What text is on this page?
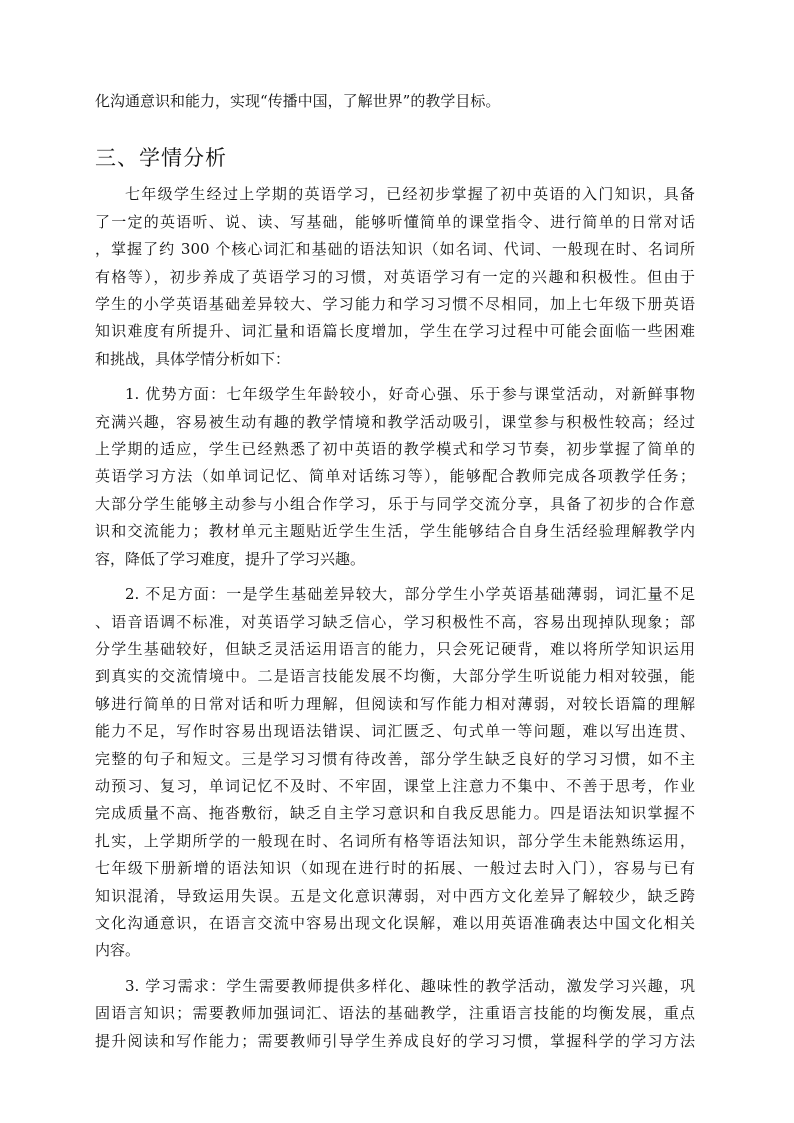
化沟通意识和能力，实现“传播中国，了解世界”的教学目标。
三、学情分析
七年级学生经过上学期的英语学习，已经初步掌握了初中英语的入门知识，具备
了一定的英语听、说、读、写基础，能够听懂简单的课堂指令、进行简单的日常对话
，掌握了约 300 个核心词汇和基础的语法知识（如名词、代词、一般现在时、名词所
有格等），初步养成了英语学习的习惯，对英语学习有一定的兴趣和积极性。但由于
学生的小学英语基础差异较大、学习能力和学习习惯不尽相同，加上七年级下册英语
知识难度有所提升、词汇量和语篇长度增加，学生在学习过程中可能会面临一些困难
和挑战，具体学情分析如下：
1. 优势方面：七年级学生年龄较小，好奇心强、乐于参与课堂活动，对新鲜事物
充满兴趣，容易被生动有趣的教学情境和教学活动吸引，课堂参与积极性较高；经过
上学期的适应，学生已经熟悉了初中英语的教学模式和学习节奏，初步掌握了简单的
英语学习方法（如单词记忆、简单对话练习等），能够配合教师完成各项教学任务；
大部分学生能够主动参与小组合作学习，乐于与同学交流分享，具备了初步的合作意
识和交流能力；教材单元主题贴近学生生活，学生能够结合自身生活经验理解教学内
容，降低了学习难度，提升了学习兴趣。
2. 不足方面：一是学生基础差异较大，部分学生小学英语基础薄弱，词汇量不足
、语音语调不标准，对英语学习缺乏信心，学习积极性不高，容易出现掉队现象；部
分学生基础较好，但缺乏灵活运用语言的能力，只会死记硬背，难以将所学知识运用
到真实的交流情境中。二是语言技能发展不均衡，大部分学生听说能力相对较强，能
够进行简单的日常对话和听力理解，但阅读和写作能力相对薄弱，对较长语篇的理解
能力不足，写作时容易出现语法错误、词汇匮乏、句式单一等问题，难以写出连贯、
完整的句子和短文。三是学习习惯有待改善，部分学生缺乏良好的学习习惯，如不主
动预习、复习，单词记忆不及时、不牢固，课堂上注意力不集中、不善于思考，作业
完成质量不高、拖沓敷衍，缺乏自主学习意识和自我反思能力。四是语法知识掌握不
扎实，上学期所学的一般现在时、名词所有格等语法知识，部分学生未能熟练运用，
七年级下册新增的语法知识（如现在进行时的拓展、一般过去时入门），容易与已有
知识混淆，导致运用失误。五是文化意识薄弱，对中西方文化差异了解较少，缺乏跨
文化沟通意识，在语言交流中容易出现文化误解，难以用英语准确表达中国文化相关
内容。
3. 学习需求：学生需要教师提供多样化、趣味性的教学活动，激发学习兴趣，巩
固语言知识；需要教师加强词汇、语法的基础教学，注重语言技能的均衡发展，重点
提升阅读和写作能力；需要教师引导学生养成良好的学习习惯，掌握科学的学习方法
